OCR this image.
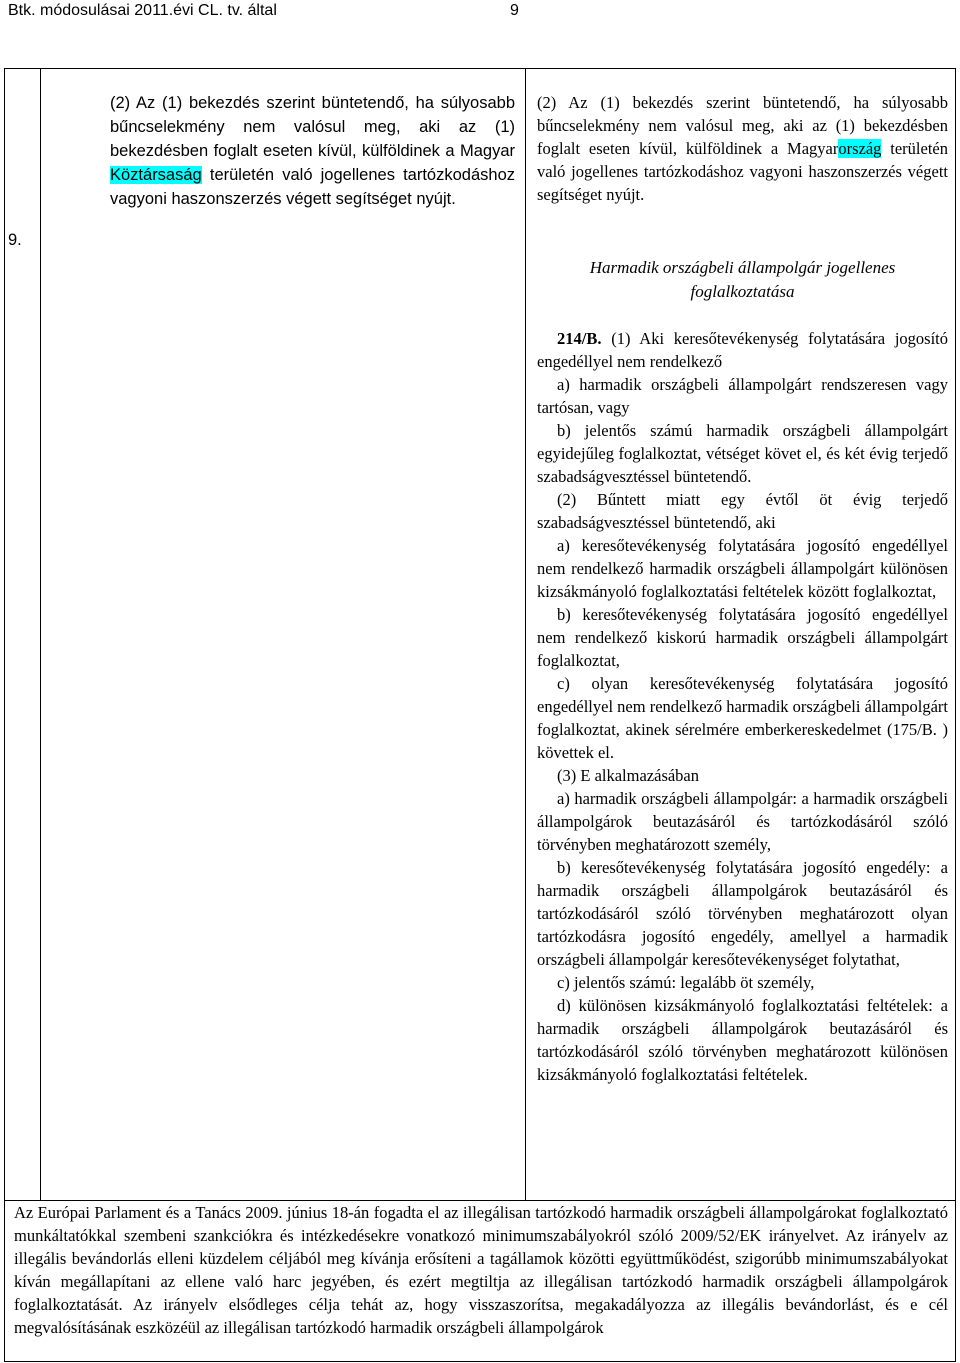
Btk. módosulásai 2011.évi CL. tv. által	9
9.
(2) Az (1) bekezdés szerint büntetendő, ha súlyosabb bűncselekmény nem valósul meg, aki az (1) bekezdésben foglalt eseten kívül, külföldinek a Magyar Köztársaság területén való jogellenes tartózkodáshoz vagyoni haszonszerzés végett segítséget nyújt.
(2) Az (1) bekezdés szerint büntetendő, ha súlyosabb bűncselekmény nem valósul meg, aki az (1) bekezdésben foglalt eseten kívül, külföldinek a Magyarország területén való jogellenes tartózkodáshoz vagyoni haszonszerzés végett segítséget nyújt.
Harmadik országbeli állampolgár jogellenes foglalkoztatása

214/B. (1) Aki keresőtevékenység folytatására jogosító engedéllyel nem rendelkező

a) harmadik országbeli állampolgárt rendszeresen vagy tartósan, vagy

b) jelentős számú harmadik országbeli állampolgárt egyidejűleg foglalkoztat, vétséget követ el, és két évig terjedő szabadságvesztéssel büntetendő.

(2) Bűntett miatt egy évtől öt évig terjedő szabadságvesztéssel büntetendő, aki

a) keresőtevékenység folytatására jogosító engedéllyel nem rendelkező harmadik országbeli állampolgárt különösen kizsákmányoló foglalkoztatási feltételek között foglalkoztat,

b) keresőtevékenység folytatására jogosító engedéllyel nem rendelkező kiskorú harmadik országbeli állampolgárt foglalkoztat,

c) olyan keresőtevékenység folytatására jogosító engedéllyel nem rendelkező harmadik országbeli állampolgárt foglalkoztat, akinek sérelmére emberkereskedelmet (175/B. ) követtek el.

(3) E alkalmazásában

a) harmadik országbeli állampolgár: a harmadik országbeli állampolgárok beutazásáról és tartózkodásáról szóló törvényben meghatározott személy,

b) keresőtevékenység folytatására jogosító engedély: a harmadik országbeli állampolgárok beutazásáról és tartózkodásáról szóló törvényben meghatározott olyan tartózkodásra jogosító engedély, amellyel a harmadik országbeli állampolgár keresőtevékenységet folytathat,

c) jelentős számú: legalább öt személy,

d) különösen kizsákmányoló foglalkoztatási feltételek: a harmadik országbeli állampolgárok beutazásáról és tartózkodásáról szóló törvényben meghatározott különösen kizsákmányoló foglalkoztatási feltételek.

Az Európai Parlament és a Tanács 2009. június 18-án fogadta el az illegálisan tartózkodó harmadik országbeli állampolgárokat foglalkoztató munkáltatókkal szembeni szankciókra és intézkedésekre vonatkozó minimumszabályokról szóló 2009/52/EK irányelvet. Az irányelv az illegális bevándorlás elleni küzdelem céljából meg kívánja erősíteni a tagállamok közötti együttműködést, szigorúbb minimumszabályokat kíván megállapítani az ellene való harc jegyében, és ezért megtiltja az illegálisan tartózkodó harmadik országbeli állampolgárok foglalkoztatását. Az irányelv elsődleges célja tehát az, hogy visszaszorítsa, megakadályozza az illegális bevándorlást, és e cél megvalósításának eszközéül az illegálisan tartózkodó harmadik országbeli állampolgárok
